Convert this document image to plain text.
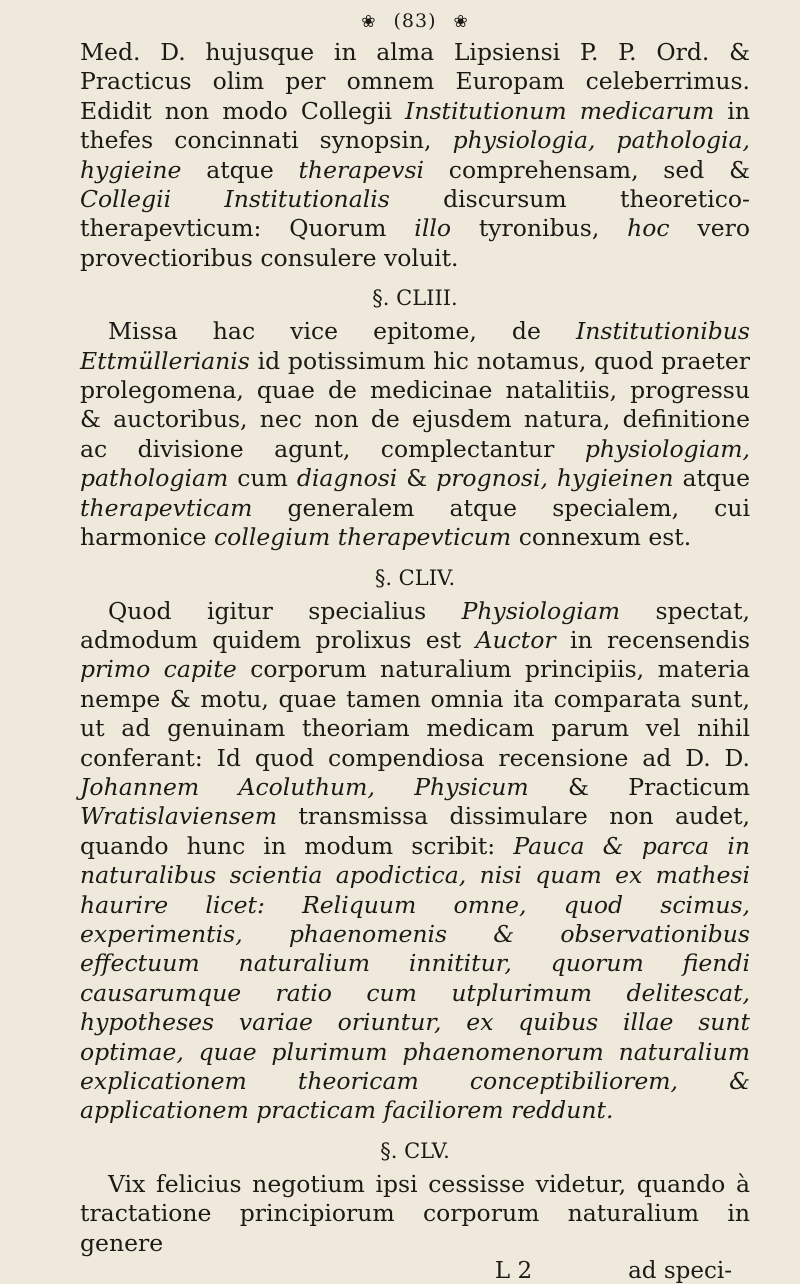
❀ (83) ❀

Med. D. hujusque in alma Lipsiensi P. P. Ord. & Practicus olim per omnem Europam celeberrimus. Edidit non modo Collegii Institutionum medicarum in thefes concinnati synopsin, physiologia, pathologia, hygieine atque therapevsi comprehensam, sed & Collegii Institutionalis discursum theoretico-therapevticum: Quorum illo tyronibus, hoc vero provectioribus consulere voluit.

§. CLIII.

Missa hac vice epitome, de Institutionibus Ettmüllerianis id potissimum hic notamus, quod praeter prolegomena, quae de medicinae natalitiis, progressu & auctoribus, nec non de ejusdem natura, definitione ac divisione agunt, complectantur physiologiam, pathologiam cum diagnosi & prognosi, hygieinen atque therapevticam generalem atque specialem, cui harmonice collegium therapevticum connexum est.

§. CLIV.

Quod igitur specialius Physiologiam spectat, admodum quidem prolixus est Auctor in recensendis primo capite corporum naturalium principiis, materia nempe & motu, quae tamen omnia ita comparata sunt, ut ad genuinam theoriam medicam parum vel nihil conferant: Id quod compendiosa recensione ad D. D. Johannem Acoluthum, Physicum & Practicum Wratislaviensem transmissa dissimulare non audet, quando hunc in modum scribit: Pauca & parca in naturalibus scientia apodictica, nisi quam ex mathesi haurire licet: Reliquum omne, quod scimus, experimentis, phaenomenis & observationibus effectuum naturalium innititur, quorum fiendi causarumque ratio cum utplurimum delitescat, hypotheses variae oriuntur, ex quibus illae sunt optimae, quae plurimum phaenomenorum naturalium explicationem theoricam conceptibiliorem, & applicationem practicam faciliorem reddunt.

§. CLV.

Vix felicius negotium ipsi cessisse videtur, quando à tractatione principiorum corporum naturalium in genere

L 2	ad speci-
